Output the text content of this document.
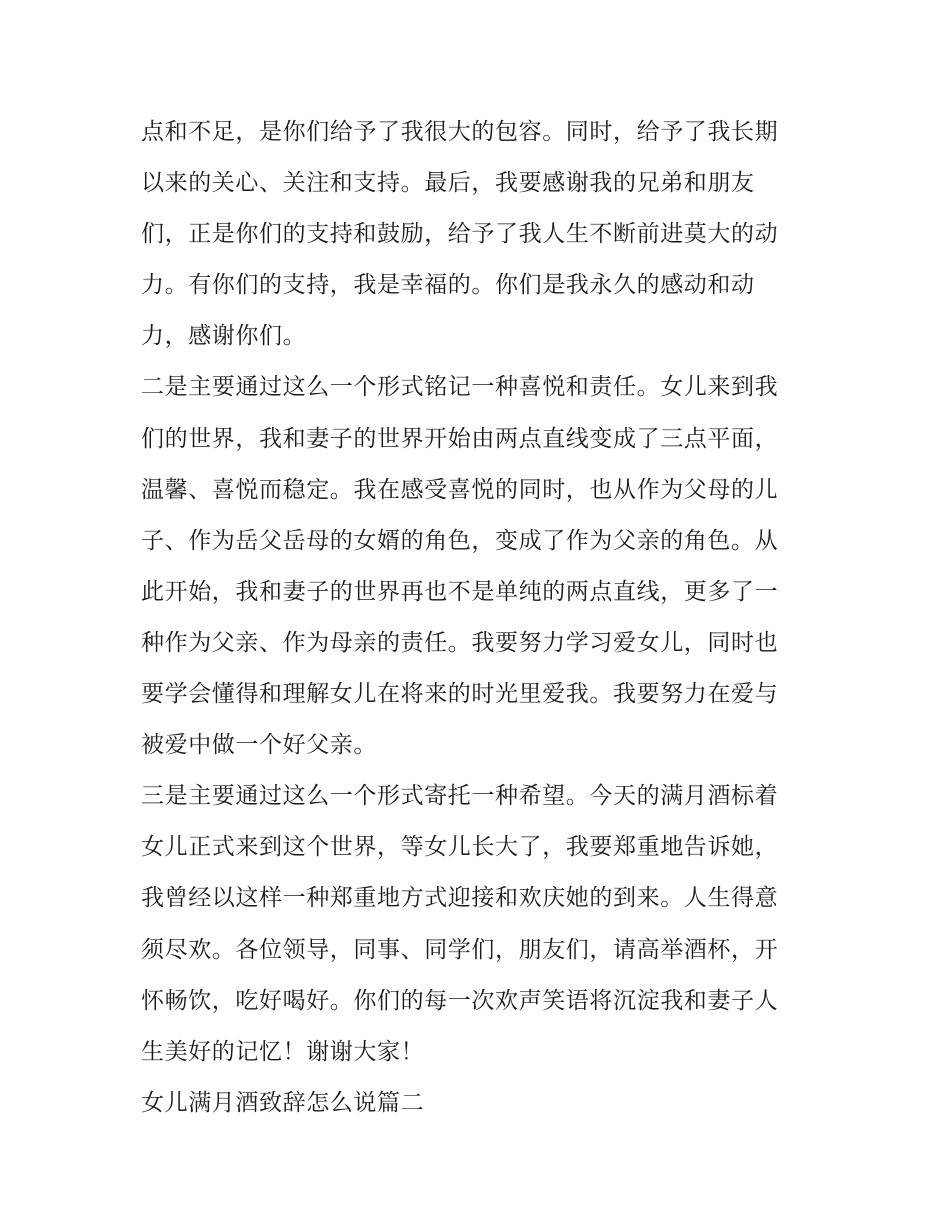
点和不足，是你们给予了我很大的包容。同时，给予了我长期
以来的关心、关注和支持。最后，我要感谢我的兄弟和朋友
们，正是你们的支持和鼓励，给予了我人生不断前进莫大的动
力。有你们的支持，我是幸福的。你们是我永久的感动和动
力，感谢你们。
二是主要通过这么一个形式铭记一种喜悦和责任。女儿来到我
们的世界，我和妻子的世界开始由两点直线变成了三点平面，
温馨、喜悦而稳定。我在感受喜悦的同时，也从作为父母的儿
子、作为岳父岳母的女婿的角色，变成了作为父亲的角色。从
此开始，我和妻子的世界再也不是单纯的两点直线，更多了一
种作为父亲、作为母亲的责任。我要努力学习爱女儿，同时也
要学会懂得和理解女儿在将来的时光里爱我。我要努力在爱与
被爱中做一个好父亲。
三是主要通过这么一个形式寄托一种希望。今天的满月酒标着
女儿正式来到这个世界，等女儿长大了，我要郑重地告诉她，
我曾经以这样一种郑重地方式迎接和欢庆她的到来。人生得意
须尽欢。各位领导，同事、同学们，朋友们，请高举酒杯，开
怀畅饮，吃好喝好。你们的每一次欢声笑语将沉淀我和妻子人
生美好的记忆！谢谢大家！
女儿满月酒致辞怎么说篇二
